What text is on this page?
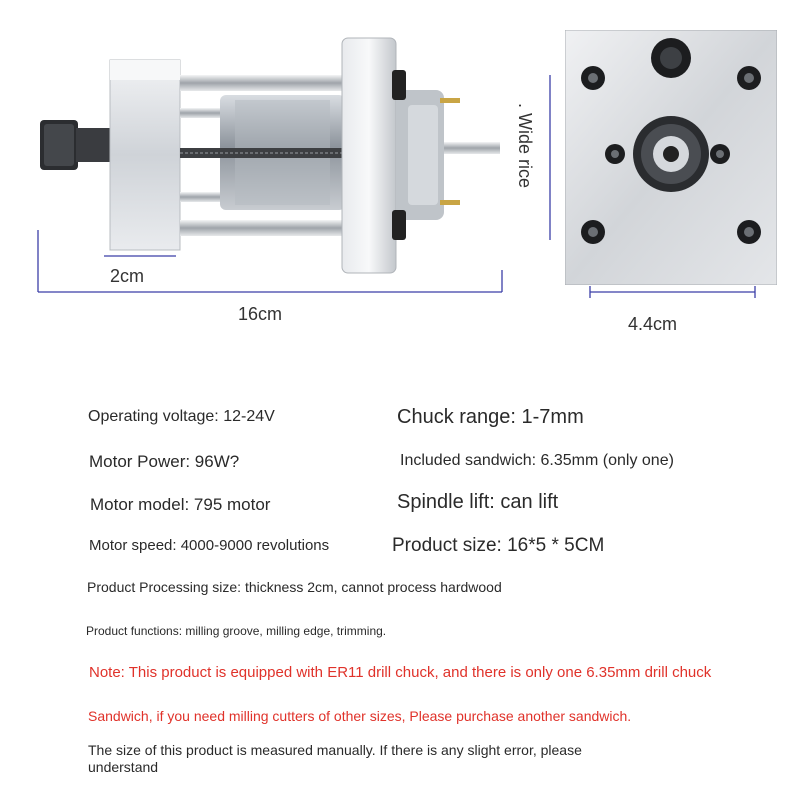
2cm
16cm
. Wide rice
4.4cm
Operating voltage: 12-24V	Chuck range: 1-7mm
Motor Power: 96W?	Included sandwich: 6.35mm (only one)
Motor model: 795 motor	Spindle lift: can lift
Motor speed: 4000-9000 revolutions	Product size: 16*5 * 5CM
Product Processing size: thickness 2cm, cannot process hardwood
Product functions: milling groove, milling edge, trimming.
Note: This product is equipped with ER11 drill chuck, and there is only one 6.35mm drill chuck
Sandwich, if you need milling cutters of other sizes, Please purchase another sandwich.
The size of this product is measured manually. If there is any slight error, please understand
